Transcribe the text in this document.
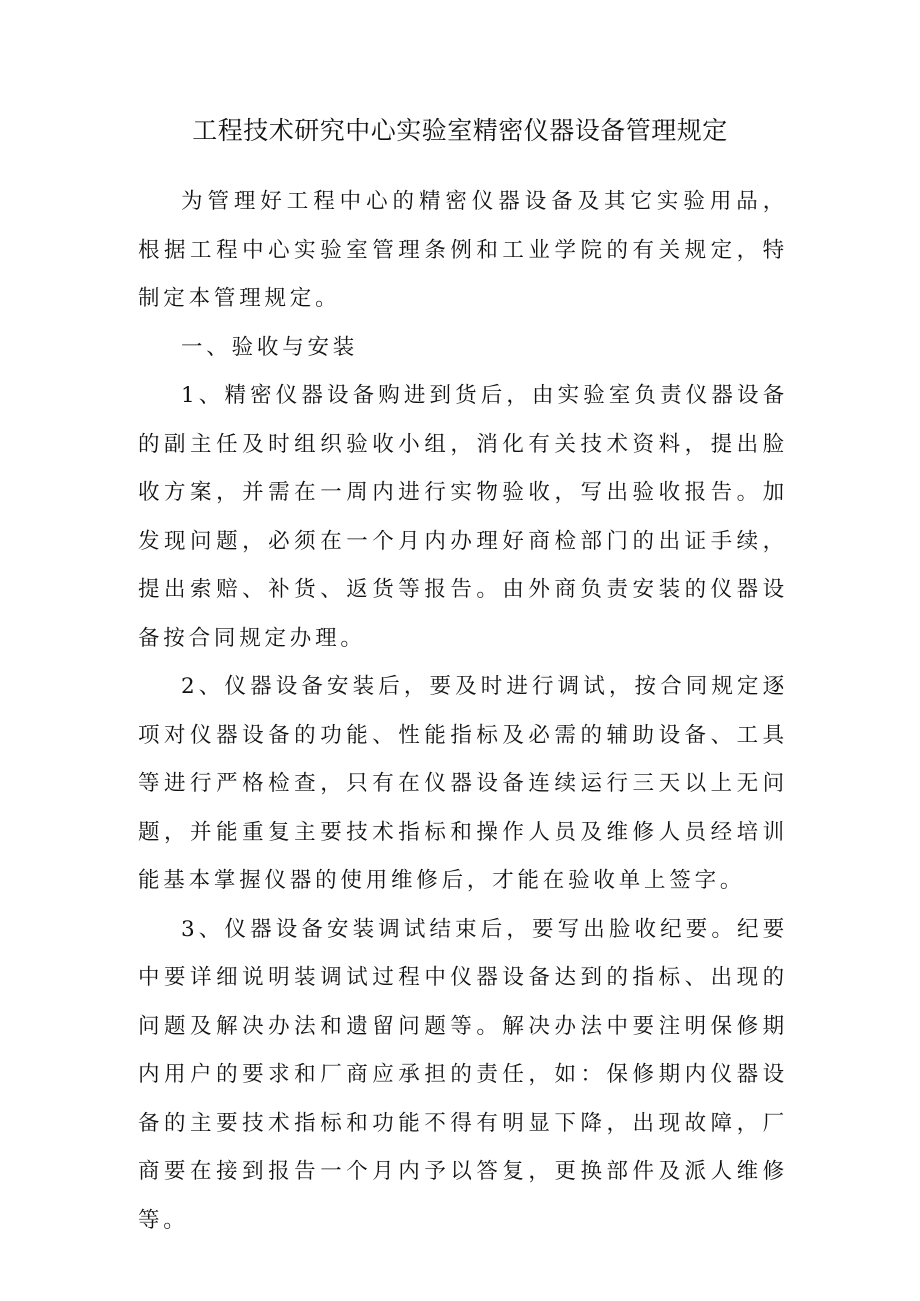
工程技术研究中心实验室精密仪器设备管理规定

为管理好工程中心的精密仪器设备及其它实验用品，根据工程中心实验室管理条例和工业学院的有关规定，特制定本管理规定。

一、验收与安装

1、精密仪器设备购进到货后，由实验室负责仪器设备的副主任及时组织验收小组，消化有关技术资料，提出脸收方案，并需在一周内进行实物验收，写出验收报告。加发现问题，必须在一个月内办理好商检部门的出证手续，提出索赔、补货、返货等报告。由外商负责安装的仪器设备按合同规定办理。

2、仪器设备安装后，要及时进行调试，按合同规定逐项对仪器设备的功能、性能指标及必需的辅助设备、工具等进行严格检查，只有在仪器设备连续运行三天以上无问题，并能重复主要技术指标和操作人员及维修人员经培训能基本掌握仪器的使用维修后，才能在验收单上签字。

3、仪器设备安装调试结束后，要写出脸收纪要。纪要中要详细说明装调试过程中仪器设备达到的指标、出现的问题及解决办法和遗留问题等。解决办法中要注明保修期内用户的要求和厂商应承担的责任，如：保修期内仪器设备的主要技术指标和功能不得有明显下降，出现故障，厂商要在接到报告一个月内予以答复，更换部件及派人维修等。
